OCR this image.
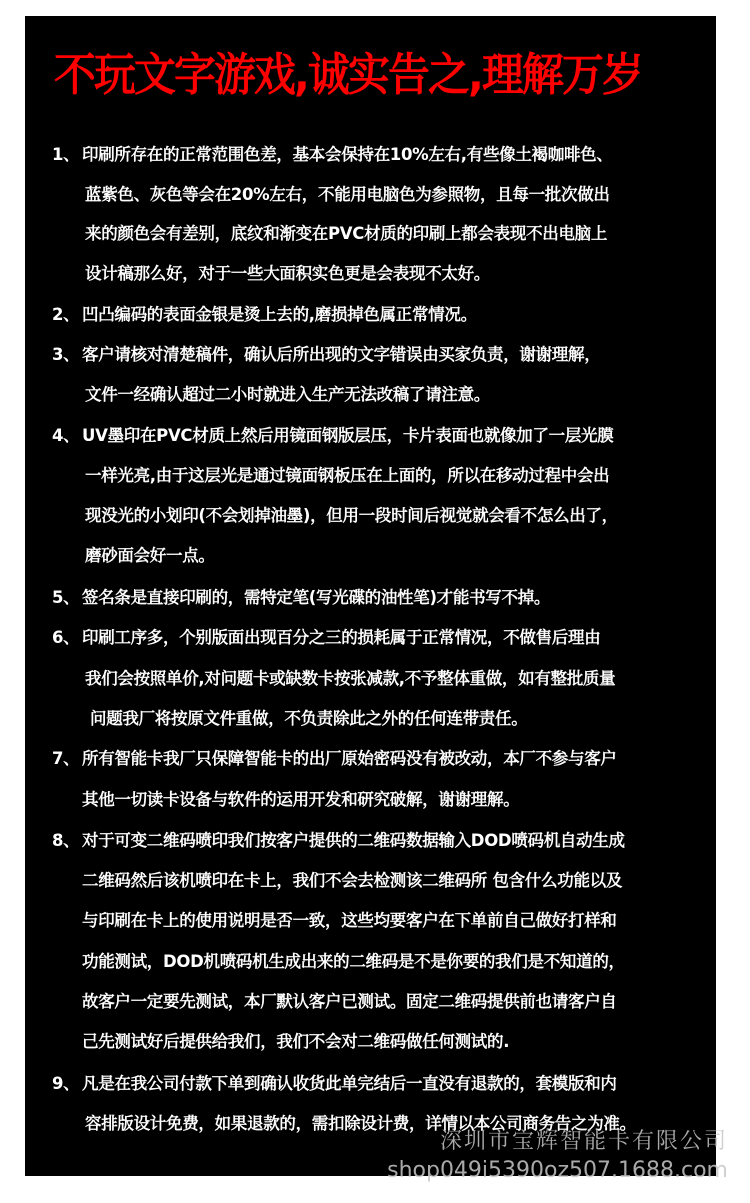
不玩文字游戏,诚实告之,理解万岁
1、 印刷所存在的正常范围色差，基本会保持在10%左右,有些像土褐咖啡色、
蓝紫色、灰色等会在20%左右，不能用电脑色为参照物，且每一批次做出
来的颜色会有差别，底纹和渐变在PVC材质的印刷上都会表现不出电脑上
设计稿那么好，对于一些大面积实色更是会表现不太好。
2、 凹凸编码的表面金银是烫上去的,磨损掉色属正常情况。
3、 客户请核对清楚稿件，确认后所出现的文字错误由买家负责，谢谢理解，
文件一经确认超过二小时就进入生产无法改稿了请注意。
4、 UV墨印在PVC材质上然后用镜面钢版层压，卡片表面也就像加了一层光膜
一样光亮,由于这层光是通过镜面钢板压在上面的，所以在移动过程中会出
现没光的小划印(不会划掉油墨)，但用一段时间后视觉就会看不怎么出了，
磨砂面会好一点。
5、 签名条是直接印刷的，需特定笔(写光碟的油性笔)才能书写不掉。
6、 印刷工序多，个别版面出现百分之三的损耗属于正常情况，不做售后理由
我们会按照单价,对问题卡或缺数卡按张减款,不予整体重做，如有整批质量
问题我厂将按原文件重做，不负责除此之外的任何连带责任。
7、 所有智能卡我厂只保障智能卡的出厂原始密码没有被改动，本厂不参与客户
其他一切读卡设备与软件的运用开发和研究破解，谢谢理解。
8、 对于可变二维码喷印我们按客户提供的二维码数据输入DOD喷码机自动生成
二维码然后该机喷印在卡上，我们不会去检测该二维码所 包含什么功能以及
与印刷在卡上的使用说明是否一致，这些均要客户在下单前自己做好打样和
功能测试，DOD机喷码机生成出来的二维码是不是你要的我们是不知道的，
故客户一定要先测试，本厂默认客户已测试。固定二维码提供前也请客户自
己先测试好后提供给我们，我们不会对二维码做任何测试的.
9、 凡是在我公司付款下单到确认收货此单完结后一直没有退款的，套模版和内
容排版设计免费，如果退款的，需扣除设计费，详情以本公司商务告之为准。
深圳市宝辉智能卡有限公司
shop049i5390oz507.1688.com
